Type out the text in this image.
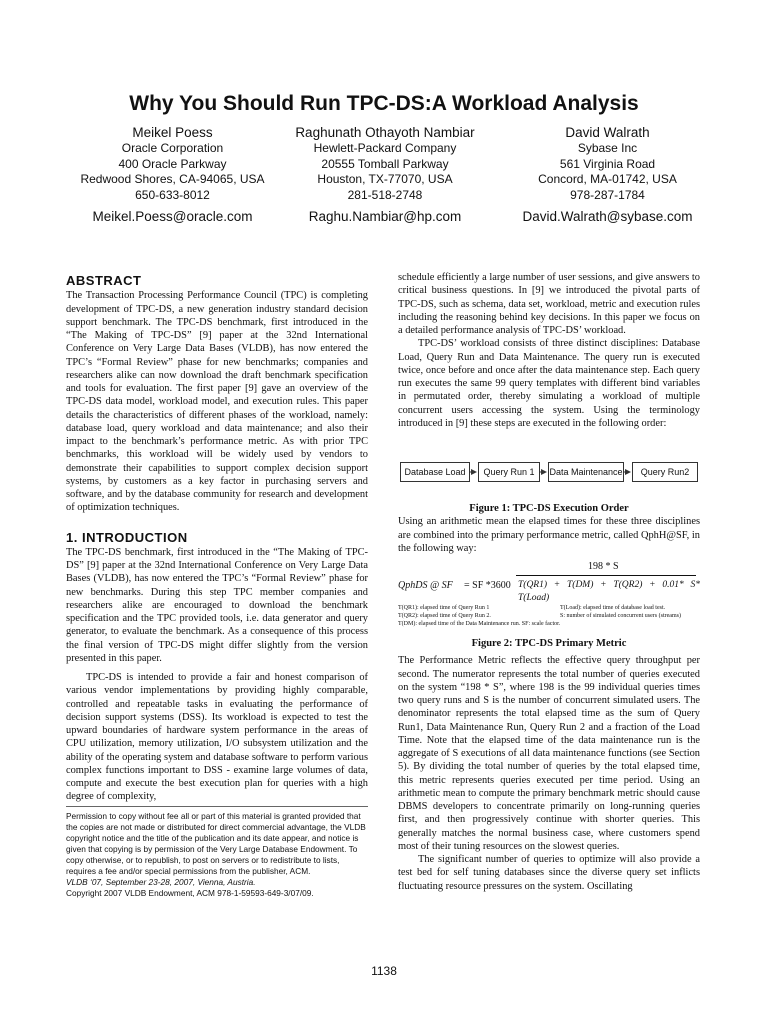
Why You Should Run TPC-DS:A Workload Analysis
Meikel Poess
Oracle Corporation
400 Oracle Parkway
Redwood Shores, CA-94065, USA
650-633-8012
Meikel.Poess@oracle.com
Raghunath Othayoth Nambiar
Hewlett-Packard Company
20555 Tomball Parkway
Houston, TX-77070, USA
281-518-2748
Raghu.Nambiar@hp.com
David Walrath
Sybase Inc
561 Virginia Road
Concord, MA-01742, USA
978-287-1784
David.Walrath@sybase.com
ABSTRACT

The Transaction Processing Performance Council (TPC) is completing development of TPC-DS, a new generation industry standard decision support benchmark. The TPC-DS benchmark, first introduced in the “The Making of TPC-DS” [9] paper at the 32nd International Conference on Very Large Data Bases (VLDB), has now entered the TPC’s “Formal Review” phase for new benchmarks; companies and researchers alike can now download the draft benchmark specification and tools for evaluation. The first paper [9] gave an overview of the TPC-DS data model, workload model, and execution rules. This paper details the characteristics of different phases of the workload, namely: database load, query workload and data maintenance; and also their impact to the benchmark’s performance metric. As with prior TPC benchmarks, this workload will be widely used by vendors to demonstrate their capabilities to support complex decision support systems, by customers as a key factor in purchasing servers and software, and by the database community for research and development of optimization techniques.

1. INTRODUCTION

The TPC-DS benchmark, first introduced in the “The Making of TPC-DS” [9] paper at the 32nd International Conference on Very Large Data Bases (VLDB), has now entered the TPC’s “Formal Review” phase for new benchmarks. During this step TPC member companies and researchers alike are encouraged to download the benchmark specification and the TPC provided tools, i.e. data generator and query generator, to evaluate the benchmark. As a consequence of this process the final version of TPC-DS might differ slightly from the version presented in this paper.

TPC-DS is intended to provide a fair and honest comparison of various vendor implementations by providing highly comparable, controlled and repeatable tasks in evaluating the performance of decision support systems (DSS). Its workload is expected to test the upward boundaries of hardware system performance in the areas of CPU utilization, memory utilization, I/O subsystem utilization and the ability of the operating system and database software to perform various complex functions important to DSS - examine large volumes of data, compute and execute the best execution plan for queries with a high degree of complexity,

Permission to copy without fee all or part of this material is granted provided that the copies are not made or distributed for direct commercial advantage, the VLDB copyright notice and the title of the publication and its date appear, and notice is given that copying is by permission of the Very Large Database Endowment. To copy otherwise, or to republish, to post on servers or to redistribute to lists, requires a fee and/or special permissions from the publisher, ACM.
VLDB ‘07, September 23-28, 2007, Vienna, Austria.
Copyright 2007 VLDB Endowment, ACM 978-1-59593-649-3/07/09.

schedule efficiently a large number of user sessions, and give answers to critical business questions. In [9] we introduced the pivotal parts of TPC-DS, such as schema, data set, workload, metric and execution rules including the reasoning behind key decisions. In this paper we focus on a detailed performance analysis of TPC-DS’ workload.

TPC-DS’ workload consists of three distinct disciplines: Database Load, Query Run and Data Maintenance. The query run is executed twice, once before and once after the data maintenance step. Each query run executes the same 99 query templates with different bind variables in permutated order, thereby simulating a workload of multiple concurrent users accessing the system. Using the terminology introduced in [9] these steps are executed in the following order:

Database Load	Query Run 1	Data Maintenance	Query Run2

Figure 1: TPC-DS Execution Order

Using an arithmetic mean the elapsed times for these three disciplines are combined into the primary performance metric, called QphH@SF, in the following way:

QphDS @ SF = SF *3600
198 * S
T(QR1) + T(DM) + T(QR2) + 0.01* S* T(Load)
T(QR1): elapsed time of Query Run 1	T(Load): elapsed time of database load test.
T(QR2): elapsed time of Query Run 2.	S: number of simulated concurrent users (streams)
T(DM): elapsed time of the Data Maintenance run. SF: scale factor.

Figure 2: TPC-DS Primary Metric

The Performance Metric reflects the effective query throughput per second. The numerator represents the total number of queries executed on the system “198 * S”, where 198 is the 99 individual queries times two query runs and S is the number of concurrent simulated users. The denominator represents the total elapsed time as the sum of Query Run1, Data Maintenance Run, Query Run 2 and a fraction of the Load Time. Note that the elapsed time of the data maintenance run is the aggregate of S executions of all data maintenance functions (see Section 5). By dividing the total number of queries by the total elapsed time, this metric represents queries executed per time period. Using an arithmetic mean to compute the primary benchmark metric should cause DBMS developers to concentrate primarily on long-running queries first, and then progressively continue with shorter queries. This generally matches the normal business case, where customers spend most of their tuning resources on the slowest queries.

The significant number of queries to optimize will also provide a test bed for self tuning databases since the diverse query set inflicts fluctuating resource pressures on the system. Oscillating

1138
